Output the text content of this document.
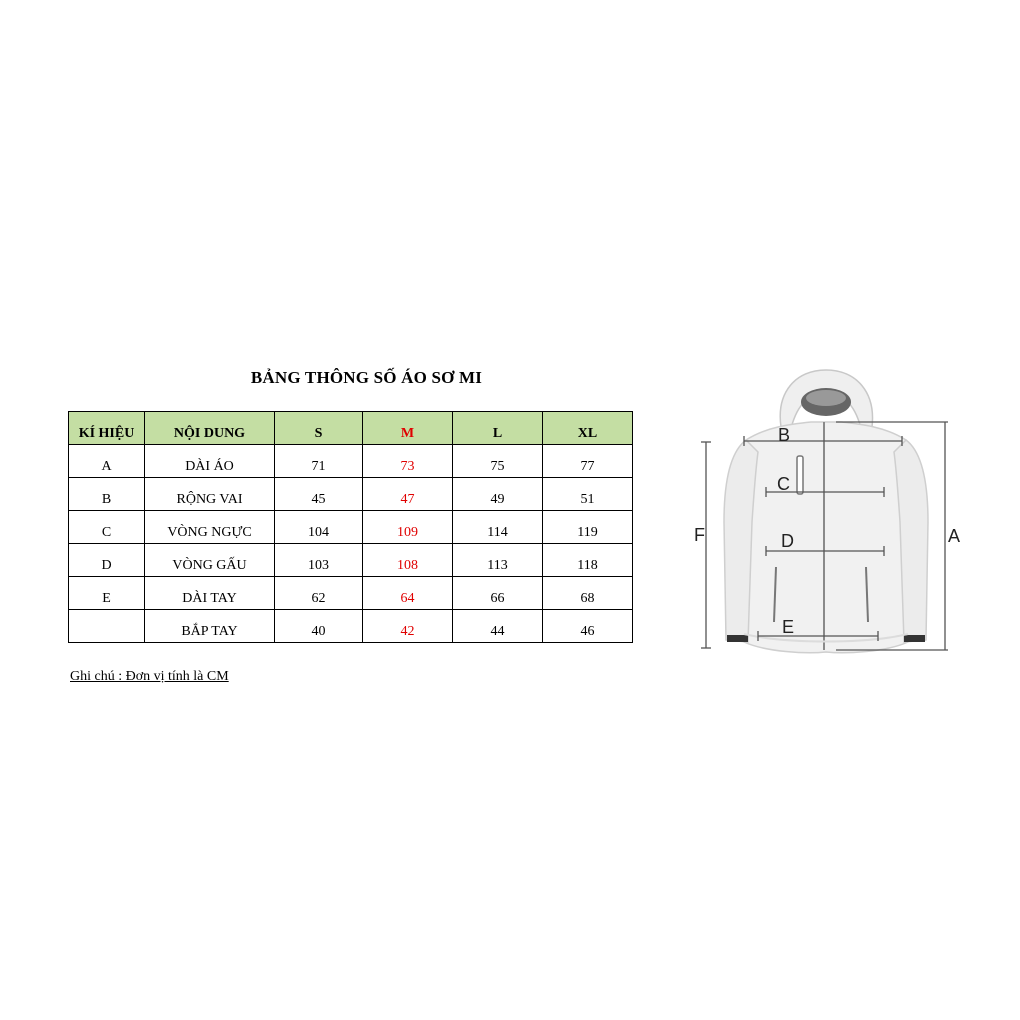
BẢNG THÔNG SỐ ÁO SƠ MI
KÍ HIỆU	NỘI DUNG	S	M	L	XL
A	DÀI ÁO	71	73	75	77
B	RỘNG VAI	45	47	49	51
C	VÒNG NGỰC	104	109	114	119
D	VÒNG GẤU	103	108	113	118
E	DÀI TAY	62	64	66	68
	BẮP TAY	40	42	44	46
Ghi chú : Đơn vị tính là CM
B
C
D
E
F	A
